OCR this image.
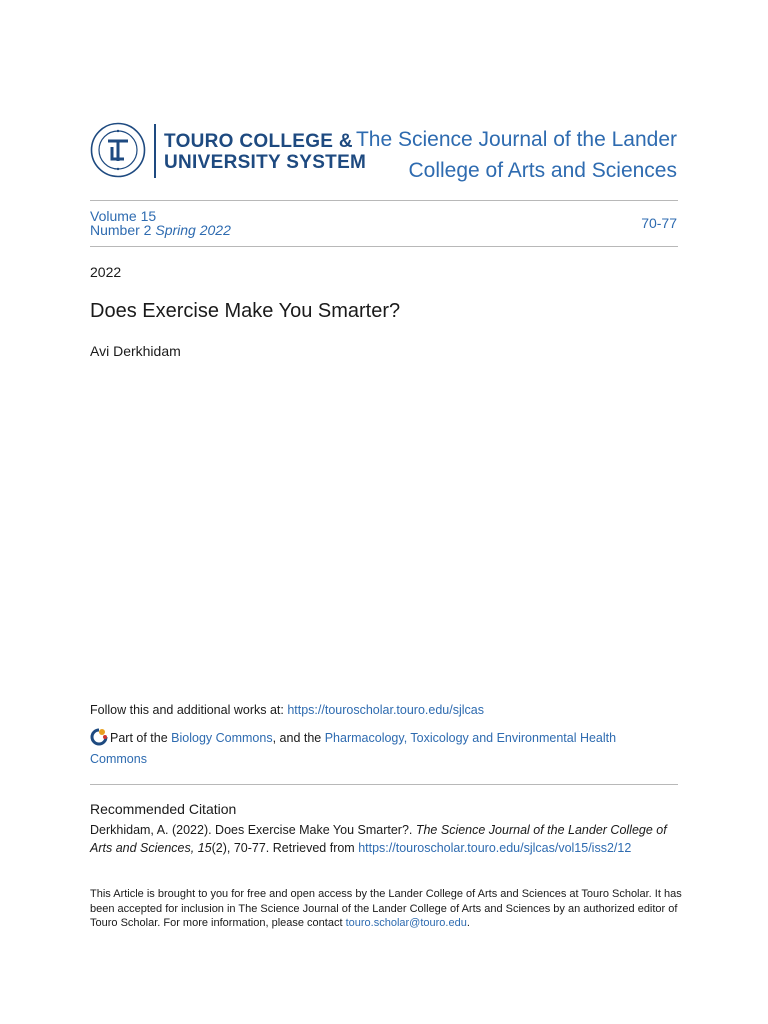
TOURO COLLEGE &
UNIVERSITY SYSTEM
The Science Journal of the Lander
College of Arts and Sciences
Volume 15
Number 2 Spring 2022	70-77
2022
Does Exercise Make You Smarter?
Avi Derkhidam
Follow this and additional works at: https://touroscholar.touro.edu/sjlcas
Part of the Biology Commons, and the Pharmacology, Toxicology and Environmental Health
Commons
Recommended Citation
Derkhidam, A. (2022). Does Exercise Make You Smarter?. The Science Journal of the Lander College of Arts and Sciences, 15(2), 70-77. Retrieved from https://touroscholar.touro.edu/sjlcas/vol15/iss2/12
This Article is brought to you for free and open access by the Lander College of Arts and Sciences at Touro Scholar. It has been accepted for inclusion in The Science Journal of the Lander College of Arts and Sciences by an authorized editor of Touro Scholar. For more information, please contact touro.scholar@touro.edu.
